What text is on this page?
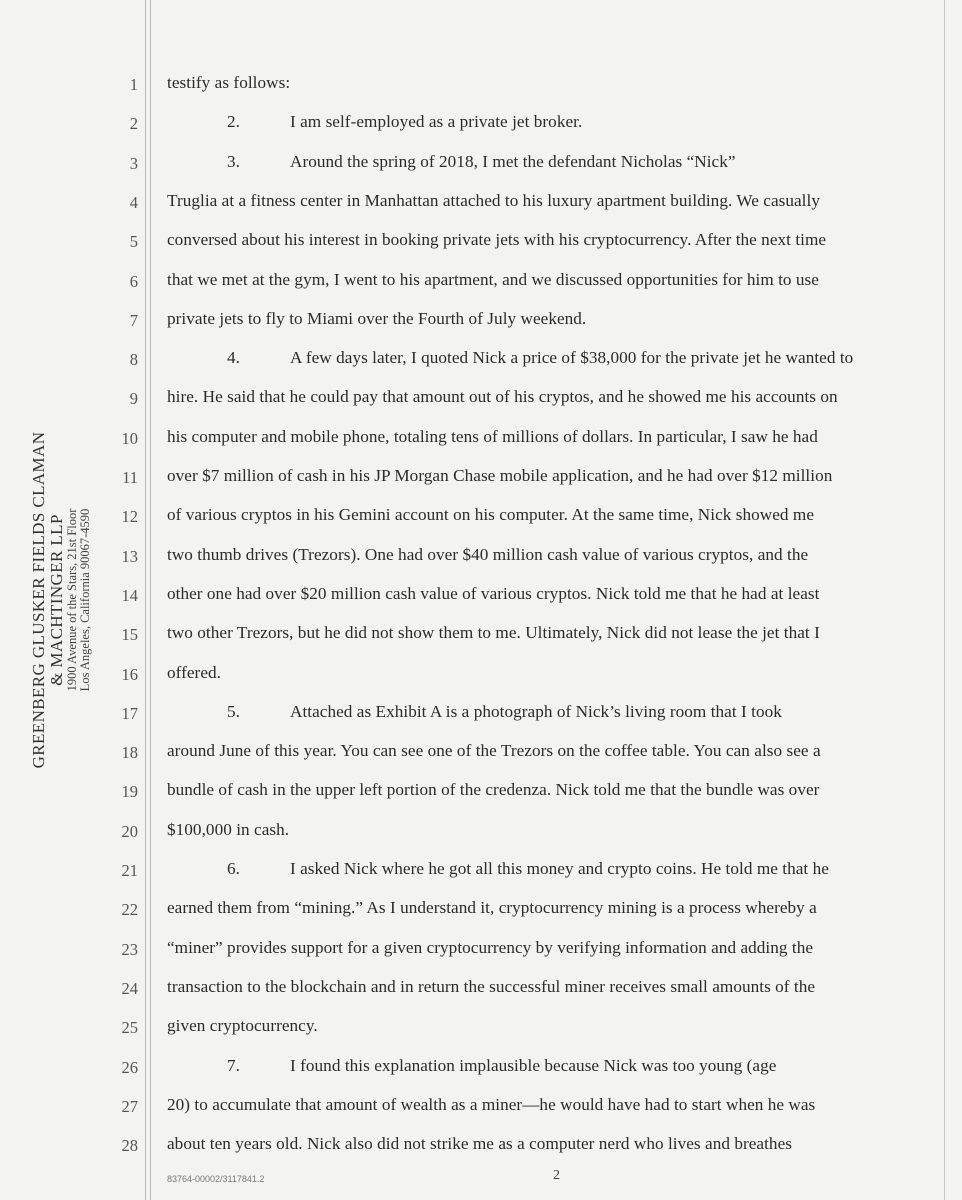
GREENBERG GLUSKER FIELDS CLAMAN
& MACHTINGER LLP
1900 Avenue of the Stars, 21st Floor Los Angeles, California 90067-4590
1 testify as follows:
2	2.	I am self-employed as a private jet broker.
3	3.	Around the spring of 2018, I met the defendant Nicholas “Nick”
4 Truglia at a fitness center in Manhattan attached to his luxury apartment building. We casually
5 conversed about his interest in booking private jets with his cryptocurrency. After the next time
6 that we met at the gym, I went to his apartment, and we discussed opportunities for him to use
7 private jets to fly to Miami over the Fourth of July weekend.
8	4.	A few days later, I quoted Nick a price of $38,000 for the private jet he wanted to
9 hire. He said that he could pay that amount out of his cryptos, and he showed me his accounts on
10 his computer and mobile phone, totaling tens of millions of dollars. In particular, I saw he had
11 over $7 million of cash in his JP Morgan Chase mobile application, and he had over $12 million
12 of various cryptos in his Gemini account on his computer. At the same time, Nick showed me
13 two thumb drives (Trezors). One had over $40 million cash value of various cryptos, and the
14 other one had over $20 million cash value of various cryptos. Nick told me that he had at least
15 two other Trezors, but he did not show them to me. Ultimately, Nick did not lease the jet that I
16 offered.
17	5.	Attached as Exhibit A is a photograph of Nick’s living room that I took
18 around June of this year. You can see one of the Trezors on the coffee table. You can also see a
19 bundle of cash in the upper left portion of the credenza. Nick told me that the bundle was over
20 $100,000 in cash.
21	6.	I asked Nick where he got all this money and crypto coins. He told me that he
22 earned them from “mining.” As I understand it, cryptocurrency mining is a process whereby a
23 “miner” provides support for a given cryptocurrency by verifying information and adding the
24 transaction to the blockchain and in return the successful miner receives small amounts of the
25 given cryptocurrency.
26	7.	I found this explanation implausible because Nick was too young (age
27 20) to accumulate that amount of wealth as a miner—he would have had to start when he was
28 about ten years old. Nick also did not strike me as a computer nerd who lives and breathes
83764-00002/3117841.2	2
